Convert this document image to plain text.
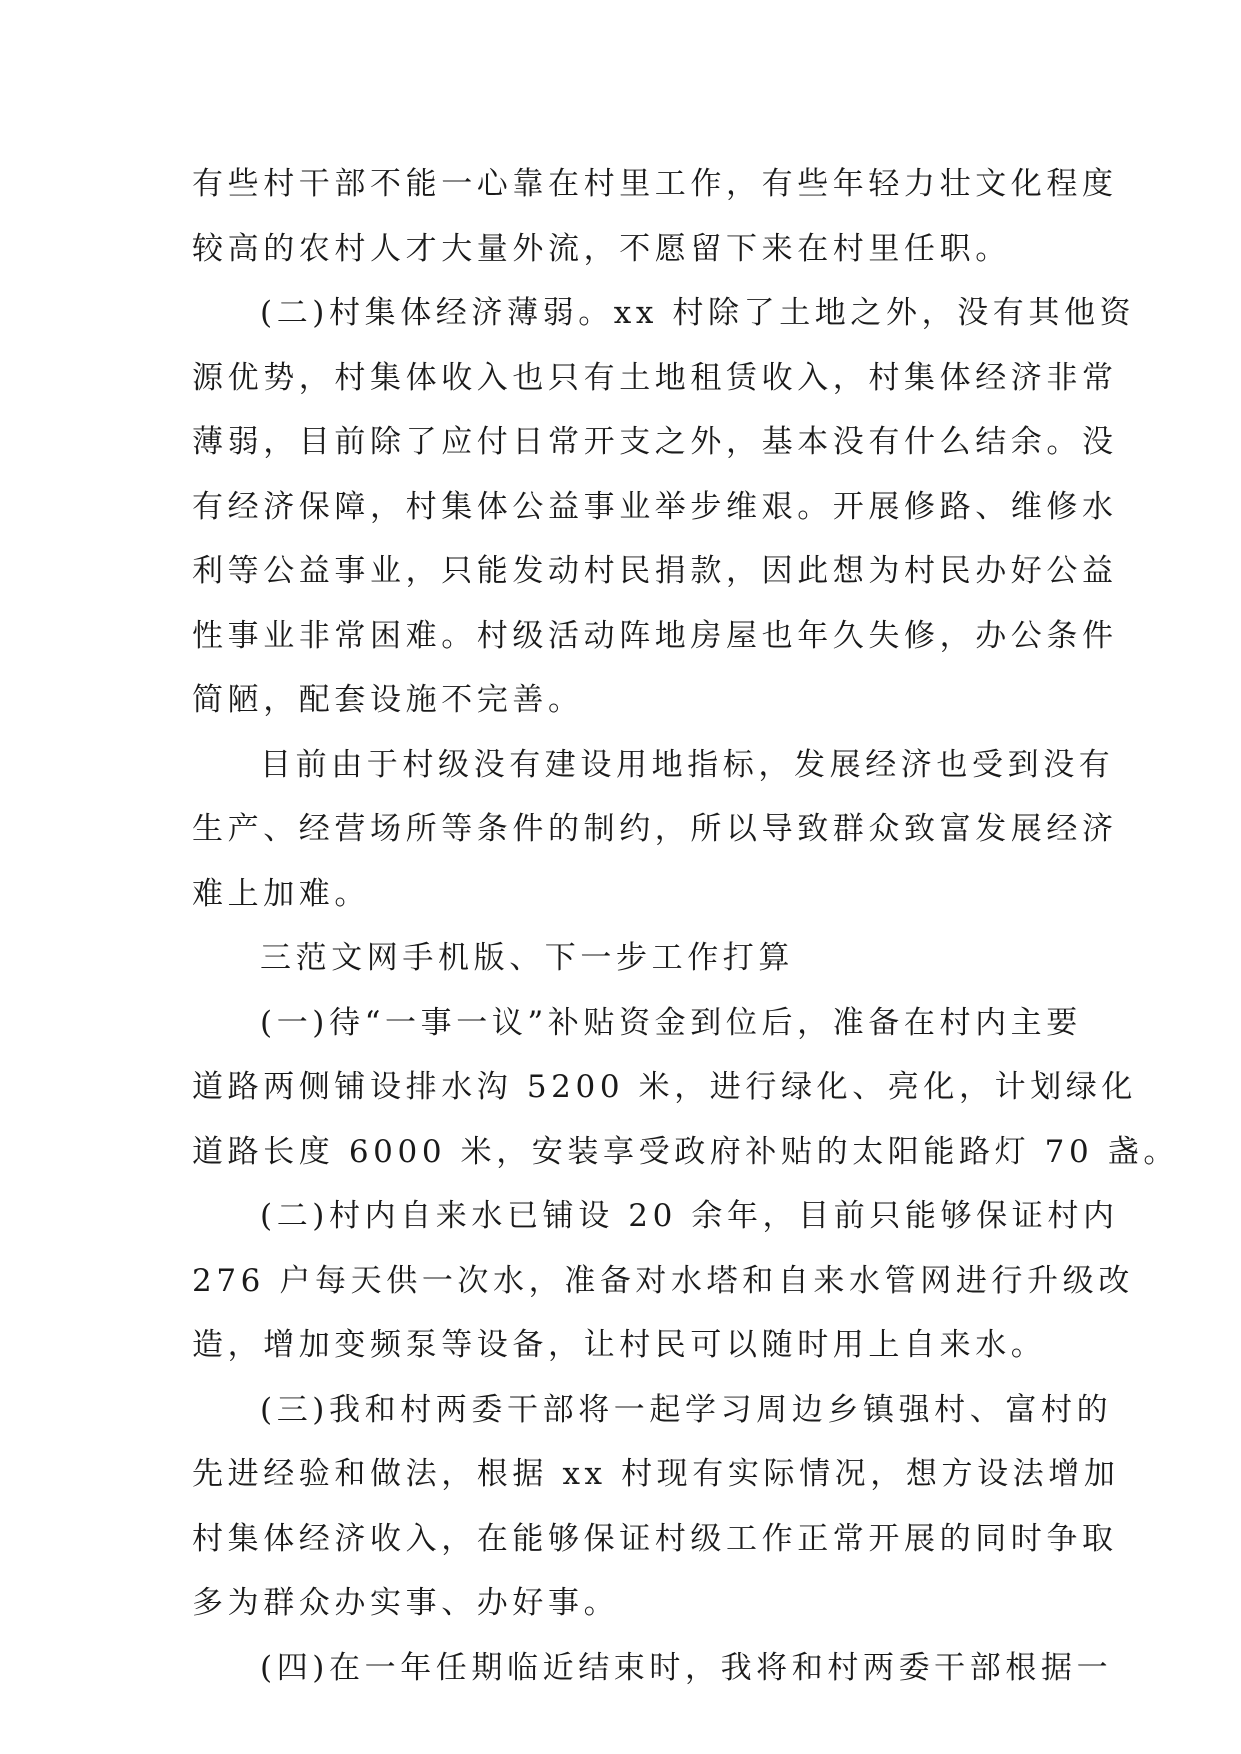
有些村干部不能一心靠在村里工作，有些年轻力壮文化程度
较高的农村人才大量外流，不愿留下来在村里任职。
(二)村集体经济薄弱。xx 村除了土地之外，没有其他资
源优势，村集体收入也只有土地租赁收入，村集体经济非常
薄弱，目前除了应付日常开支之外，基本没有什么结余。没
有经济保障，村集体公益事业举步维艰。开展修路、维修水
利等公益事业，只能发动村民捐款，因此想为村民办好公益
性事业非常困难。村级活动阵地房屋也年久失修，办公条件
简陋，配套设施不完善。
目前由于村级没有建设用地指标，发展经济也受到没有
生产、经营场所等条件的制约，所以导致群众致富发展经济
难上加难。
三范文网手机版、下一步工作打算
(一)待“一事一议”补贴资金到位后，准备在村内主要
道路两侧铺设排水沟 5200 米，进行绿化、亮化，计划绿化
道路长度 6000 米，安装享受政府补贴的太阳能路灯 70 盏。
(二)村内自来水已铺设 20 余年，目前只能够保证村内
276 户每天供一次水，准备对水塔和自来水管网进行升级改
造，增加变频泵等设备，让村民可以随时用上自来水。
(三)我和村两委干部将一起学习周边乡镇强村、富村的
先进经验和做法，根据 xx 村现有实际情况，想方设法增加
村集体经济收入，在能够保证村级工作正常开展的同时争取
多为群众办实事、办好事。
(四)在一年任期临近结束时，我将和村两委干部根据一
